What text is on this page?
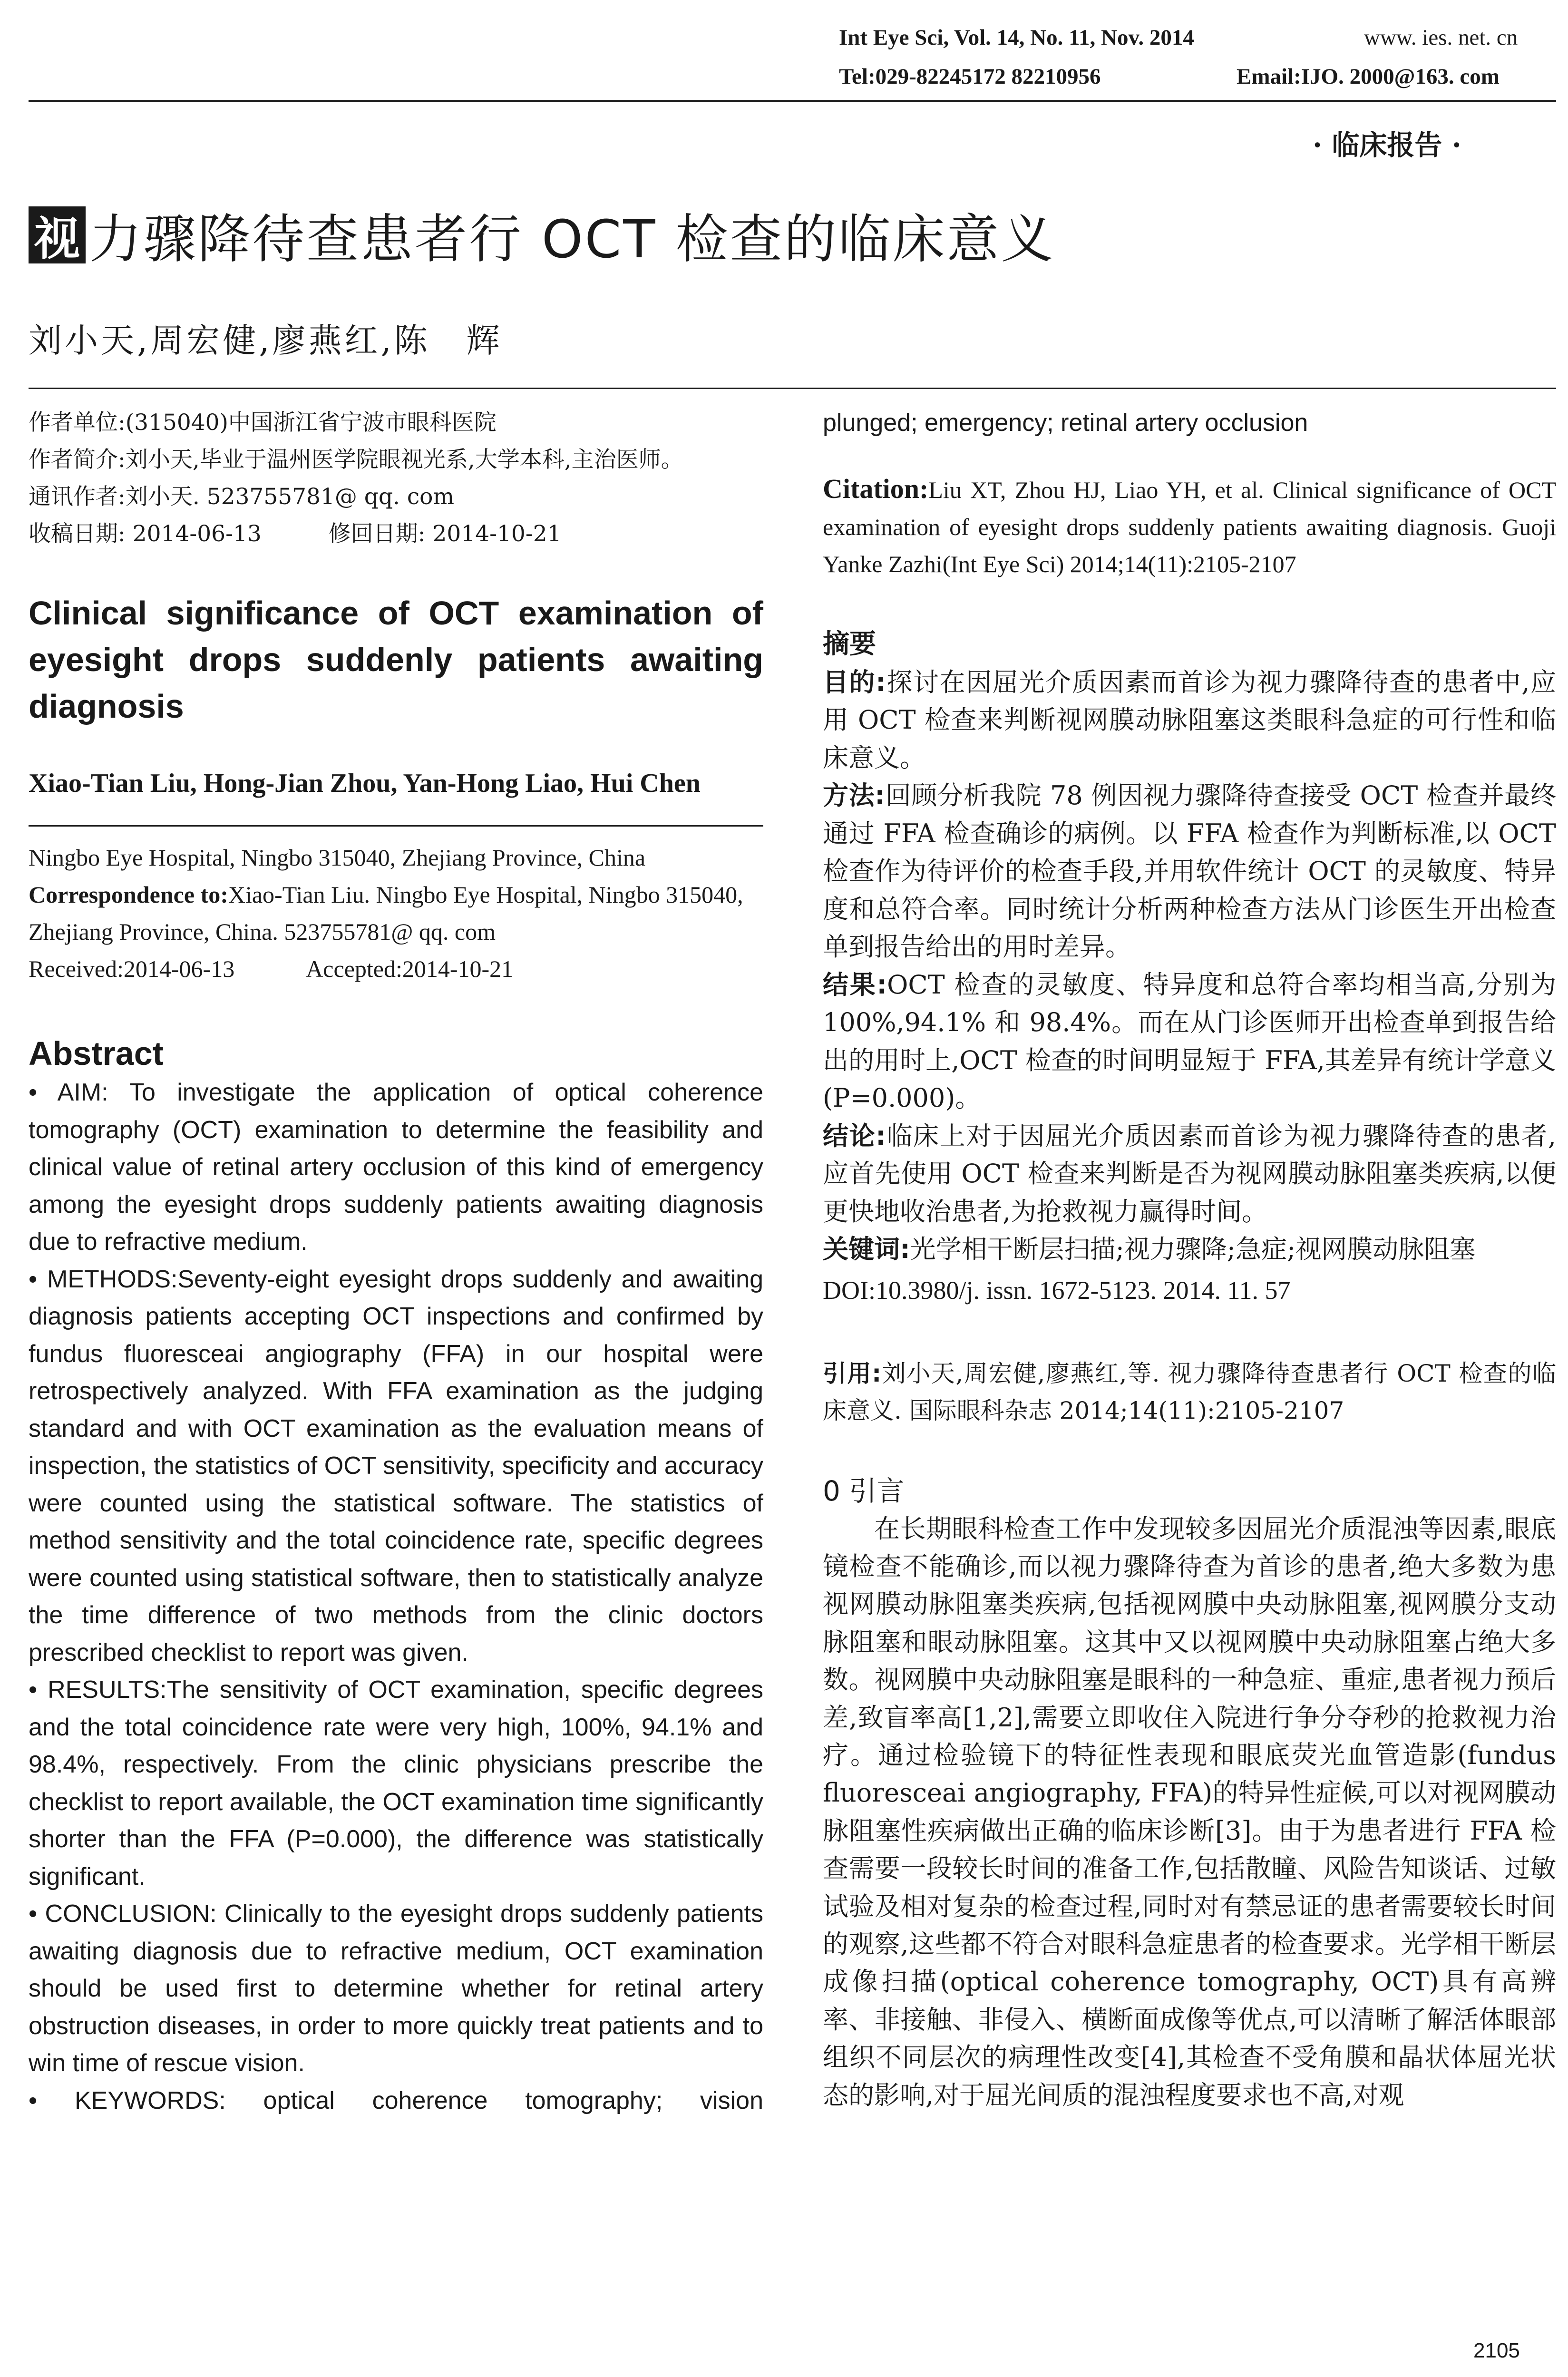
Int Eye Sci, Vol. 14, No. 11, Nov. 2014	www. ies. net. cn
Tel:029-82245172 82210956	Email:IJO. 2000@163. com
· 临床报告 ·
视 力骤降待查患者行 OCT 检查的临床意义
刘小天,周宏健,廖燕红,陈　辉
作者单位:(315040)中国浙江省宁波市眼科医院
作者简介:刘小天,毕业于温州医学院眼视光系,大学本科,主治医师。
通讯作者:刘小天. 523755781@ qq. com
收稿日期: 2014-06-13　　　修回日期: 2014-10-21
Clinical significance of OCT examination of eyesight drops suddenly patients awaiting diagnosis
Xiao-Tian Liu, Hong-Jian Zhou, Yan-Hong Liao, Hui Chen
Ningbo Eye Hospital, Ningbo 315040, Zhejiang Province, China
Correspondence to:Xiao-Tian Liu. Ningbo Eye Hospital, Ningbo 315040, Zhejiang Province, China. 523755781@ qq. com
Received:2014-06-13　　　Accepted:2014-10-21
Abstract

• AIM: To investigate the application of optical coherence tomography (OCT) examination to determine the feasibility and clinical value of retinal artery occlusion of this kind of emergency among the eyesight drops suddenly patients awaiting diagnosis due to refractive medium.

• METHODS:Seventy-eight eyesight drops suddenly and awaiting diagnosis patients accepting OCT inspections and confirmed by fundus fluoresceai angiography (FFA) in our hospital were retrospectively analyzed. With FFA examination as the judging standard and with OCT examination as the evaluation means of inspection, the statistics of OCT sensitivity, specificity and accuracy were counted using the statistical software. The statistics of method sensitivity and the total coincidence rate, specific degrees were counted using statistical software, then to statistically analyze the time difference of two methods from the clinic doctors prescribed checklist to report was given.

• RESULTS:The sensitivity of OCT examination, specific degrees and the total coincidence rate were very high, 100%, 94.1% and 98.4%, respectively. From the clinic physicians prescribe the checklist to report available, the OCT examination time significantly shorter than the FFA (P=0.000), the difference was statistically significant.

• CONCLUSION: Clinically to the eyesight drops suddenly patients awaiting diagnosis due to refractive medium, OCT examination should be used first to determine whether for retinal artery obstruction diseases, in order to more quickly treat patients and to win time of rescue vision.

• KEYWORDS: optical coherence tomography; vision
plunged; emergency; retinal artery occlusion
Citation:Liu XT, Zhou HJ, Liao YH, et al. Clinical significance of OCT examination of eyesight drops suddenly patients awaiting diagnosis. Guoji Yanke Zazhi(Int Eye Sci) 2014;14(11):2105-2107
摘要

目的:探讨在因屈光介质因素而首诊为视力骤降待查的患者中,应用 OCT 检查来判断视网膜动脉阻塞这类眼科急症的可行性和临床意义。

方法:回顾分析我院 78 例因视力骤降待查接受 OCT 检查并最终通过 FFA 检查确诊的病例。以 FFA 检查作为判断标准,以 OCT 检查作为待评价的检查手段,并用软件统计 OCT 的灵敏度、特异度和总符合率。同时统计分析两种检查方法从门诊医生开出检查单到报告给出的用时差异。

结果:OCT 检查的灵敏度、特异度和总符合率均相当高,分别为 100%,94.1% 和 98.4%。而在从门诊医师开出检查单到报告给出的用时上,OCT 检查的时间明显短于 FFA,其差异有统计学意义(P=0.000)。

结论:临床上对于因屈光介质因素而首诊为视力骤降待查的患者,应首先使用 OCT 检查来判断是否为视网膜动脉阻塞类疾病,以便更快地收治患者,为抢救视力赢得时间。

关键词:光学相干断层扫描;视力骤降;急症;视网膜动脉阻塞

DOI:10.3980/j. issn. 1672-5123. 2014. 11. 57
引用:刘小天,周宏健,廖燕红,等. 视力骤降待查患者行 OCT 检查的临床意义. 国际眼科杂志 2014;14(11):2105-2107
0 引言

在长期眼科检查工作中发现较多因屈光介质混浊等因素,眼底镜检查不能确诊,而以视力骤降待查为首诊的患者,绝大多数为患视网膜动脉阻塞类疾病,包括视网膜中央动脉阻塞,视网膜分支动脉阻塞和眼动脉阻塞。这其中又以视网膜中央动脉阻塞占绝大多数。视网膜中央动脉阻塞是眼科的一种急症、重症,患者视力预后差,致盲率高[1,2],需要立即收住入院进行争分夺秒的抢救视力治疗。通过检验镜下的特征性表现和眼底荧光血管造影(fundus fluoresceai angiography, FFA)的特异性症候,可以对视网膜动脉阻塞性疾病做出正确的临床诊断[3]。由于为患者进行 FFA 检查需要一段较长时间的准备工作,包括散瞳、风险告知谈话、过敏试验及相对复杂的检查过程,同时对有禁忌证的患者需要较长时间的观察,这些都不符合对眼科急症患者的检查要求。光学相干断层成像扫描(optical coherence tomography, OCT)具有高辨率、非接触、非侵入、横断面成像等优点,可以清晰了解活体眼部组织不同层次的病理性改变[4],其检查不受角膜和晶状体屈光状态的影响,对于屈光间质的混浊程度要求也不高,对观

2105
